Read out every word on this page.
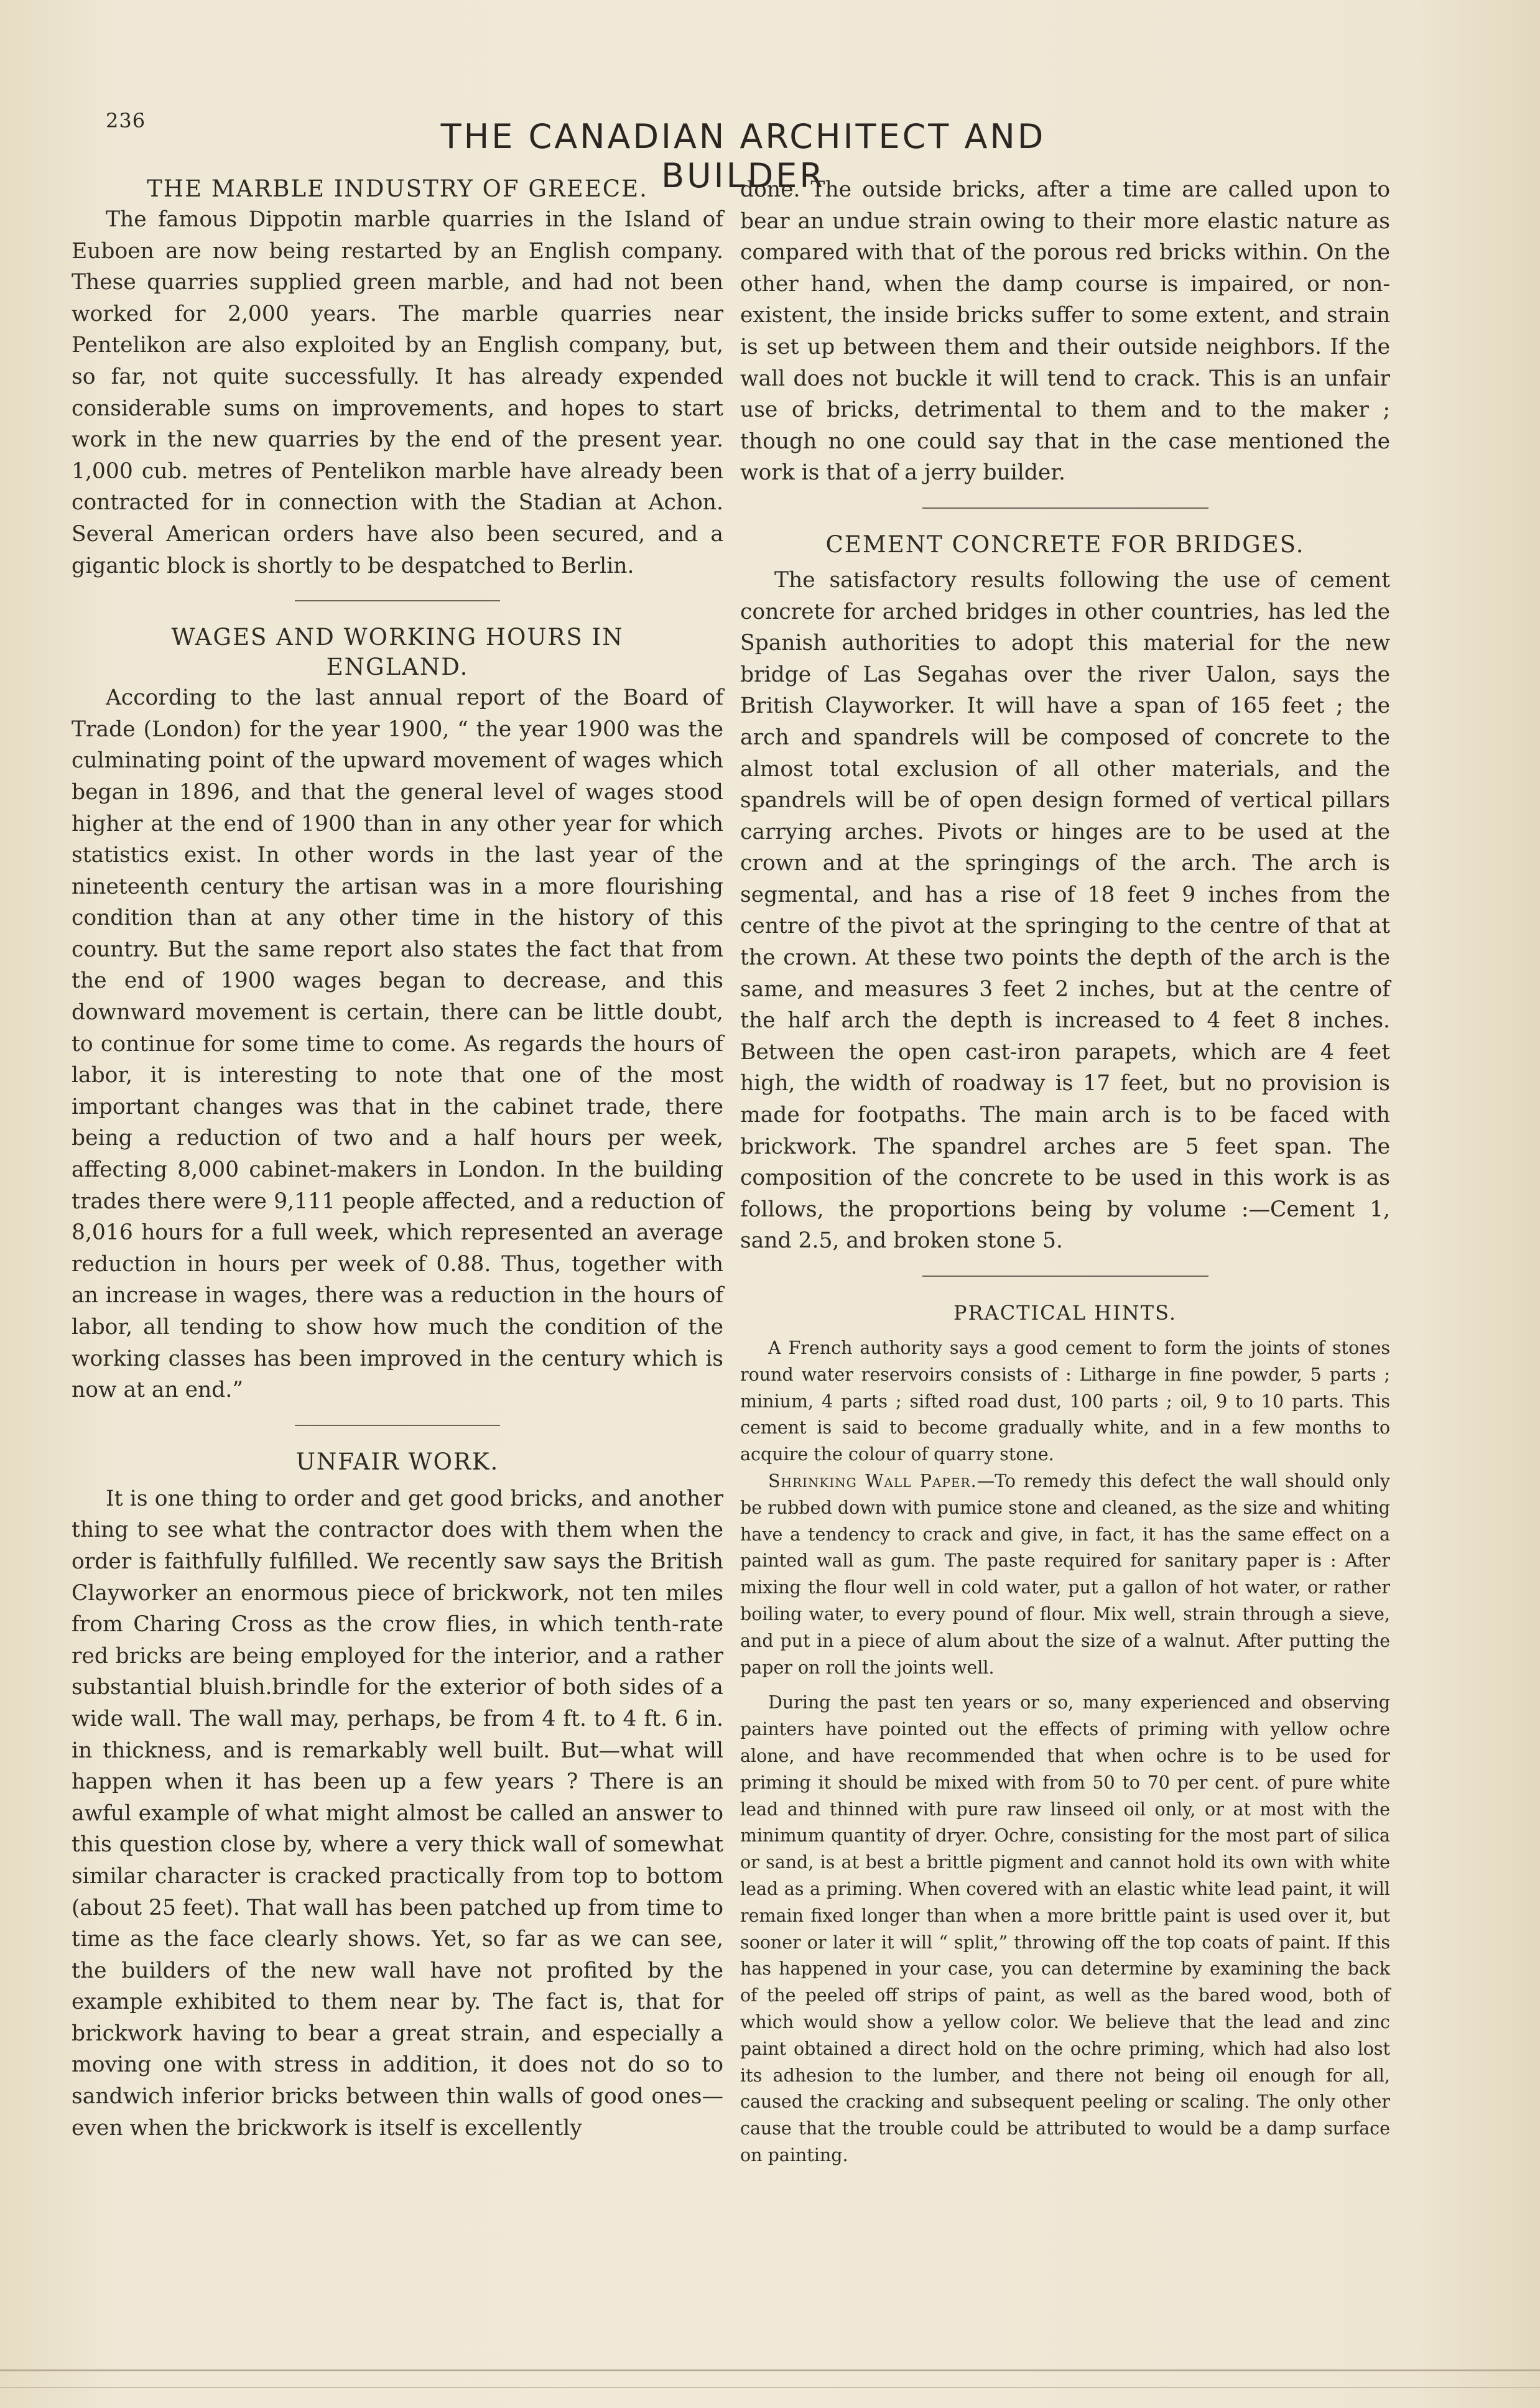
236	THE CANADIAN ARCHITECT AND BUILDER
THE MARBLE INDUSTRY OF GREECE.

The famous Dippotin marble quarries in the Island of Euboen are now being restarted by an English company. These quarries supplied green marble, and had not been worked for 2,000 years. The marble quarries near Pentelikon are also exploited by an English company, but, so far, not quite successfully. It has already expended considerable sums on improvements, and hopes to start work in the new quarries by the end of the present year. 1,000 cub. metres of Pentelikon marble have already been contracted for in connection with the Stadian at Achon. Several American orders have also been secured, and a gigantic block is shortly to be despatched to Berlin.

WAGES AND WORKING HOURS IN ENGLAND.

According to the last annual report of the Board of Trade (London) for the year 1900, “ the year 1900 was the culminating point of the upward movement of wages which began in 1896, and that the general level of wages stood higher at the end of 1900 than in any other year for which statistics exist. In other words in the last year of the nineteenth century the artisan was in a more flourishing condition than at any other time in the history of this country. But the same report also states the fact that from the end of 1900 wages began to decrease, and this downward movement is certain, there can be little doubt, to continue for some time to come. As regards the hours of labor, it is interesting to note that one of the most important changes was that in the cabinet trade, there being a reduction of two and a half hours per week, affecting 8,000 cabinet-makers in London. In the building trades there were 9,111 people affected, and a reduction of 8,016 hours for a full week, which represented an average reduction in hours per week of 0.88. Thus, together with an increase in wages, there was a reduction in the hours of labor, all tending to show how much the condition of the working classes has been improved in the century which is now at an end.”

UNFAIR WORK.

It is one thing to order and get good bricks, and another thing to see what the contractor does with them when the order is faithfully fulfilled. We recently saw says the British Clayworker an enormous piece of brickwork, not ten miles from Charing Cross as the crow flies, in which tenth-rate red bricks are being employed for the interior, and a rather substantial bluish.brindle for the exterior of both sides of a wide wall. The wall may, perhaps, be from 4 ft. to 4 ft. 6 in. in thickness, and is remarkably well built. But—what will happen when it has been up a few years ? There is an awful example of what might almost be called an answer to this question close by, where a very thick wall of somewhat similar character is cracked practically from top to bottom (about 25 feet). That wall has been patched up from time to time as the face clearly shows. Yet, so far as we can see, the builders of the new wall have not profited by the example exhibited to them near by. The fact is, that for brickwork having to bear a great strain, and especially a moving one with stress in addition, it does not do so to sandwich inferior bricks between thin walls of good ones—even when the brickwork is itself is excellently

done. The outside bricks, after a time are called upon to bear an undue strain owing to their more elastic nature as compared with that of the porous red bricks within. On the other hand, when the damp course is impaired, or non-existent, the inside bricks suffer to some extent, and strain is set up between them and their outside neighbors. If the wall does not buckle it will tend to crack. This is an unfair use of bricks, detrimental to them and to the maker ; though no one could say that in the case mentioned the work is that of a jerry builder.

CEMENT CONCRETE FOR BRIDGES.

The satisfactory results following the use of cement concrete for arched bridges in other countries, has led the Spanish authorities to adopt this material for the new bridge of Las Segahas over the river Ualon, says the British Clayworker. It will have a span of 165 feet ; the arch and spandrels will be composed of concrete to the almost total exclusion of all other materials, and the spandrels will be of open design formed of vertical pillars carrying arches. Pivots or hinges are to be used at the crown and at the springings of the arch. The arch is segmental, and has a rise of 18 feet 9 inches from the centre of the pivot at the springing to the centre of that at the crown. At these two points the depth of the arch is the same, and measures 3 feet 2 inches, but at the centre of the half arch the depth is increased to 4 feet 8 inches. Between the open cast-iron parapets, which are 4 feet high, the width of roadway is 17 feet, but no provision is made for footpaths. The main arch is to be faced with brickwork. The spandrel arches are 5 feet span. The composition of the concrete to be used in this work is as follows, the proportions being by volume :—Cement 1, sand 2.5, and broken stone 5.

PRACTICAL HINTS.

A French authority says a good cement to form the joints of stones round water reservoirs consists of : Litharge in fine powder, 5 parts ; minium, 4 parts ; sifted road dust, 100 parts ; oil, 9 to 10 parts. This cement is said to become gradually white, and in a few months to acquire the colour of quarry stone.

Shrinking Wall Paper.—To remedy this defect the wall should only be rubbed down with pumice stone and cleaned, as the size and whiting have a tendency to crack and give, in fact, it has the same effect on a painted wall as gum. The paste required for sanitary paper is : After mixing the flour well in cold water, put a gallon of hot water, or rather boiling water, to every pound of flour. Mix well, strain through a sieve, and put in a piece of alum about the size of a walnut. After putting the paper on roll the joints well.

During the past ten years or so, many experienced and observing painters have pointed out the effects of priming with yellow ochre alone, and have recommended that when ochre is to be used for priming it should be mixed with from 50 to 70 per cent. of pure white lead and thinned with pure raw linseed oil only, or at most with the minimum quantity of dryer. Ochre, consisting for the most part of silica or sand, is at best a brittle pigment and cannot hold its own with white lead as a priming. When covered with an elastic white lead paint, it will remain fixed longer than when a more brittle paint is used over it, but sooner or later it will “ split,” throwing off the top coats of paint. If this has happened in your case, you can determine by examining the back of the peeled off strips of paint, as well as the bared wood, both of which would show a yellow color. We believe that the lead and zinc paint obtained a direct hold on the ochre priming, which had also lost its adhesion to the lumber, and there not being oil enough for all, caused the cracking and subsequent peeling or scaling. The only other cause that the trouble could be attributed to would be a damp surface on painting.
